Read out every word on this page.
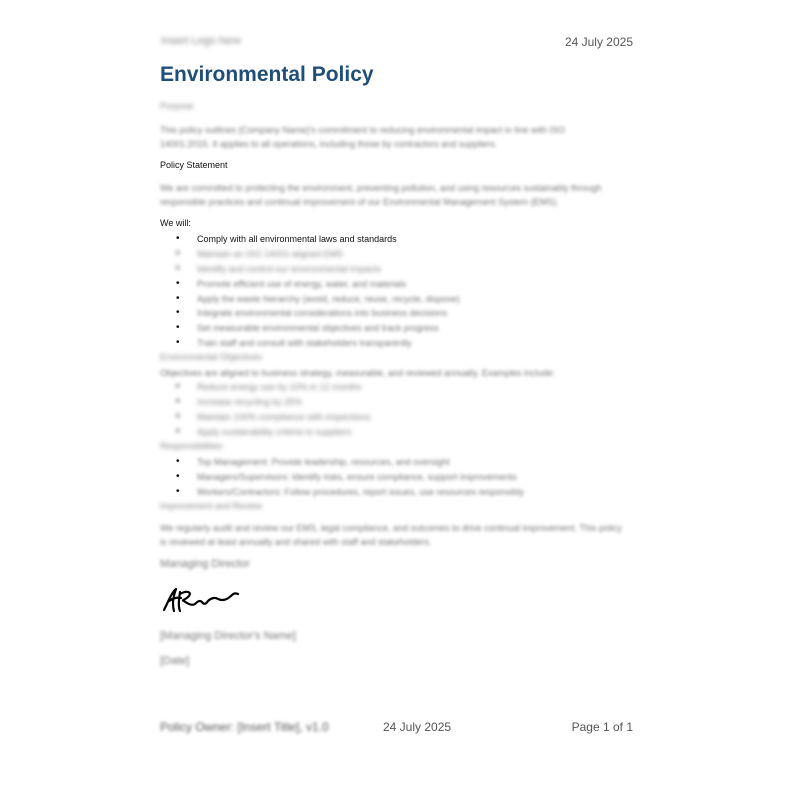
Insert Logo here	24 July 2025
Environmental Policy
Purpose
This policy outlines {Company Name}'s commitment to reducing environmental impact in line with ISO
14001:2015. It applies to all operations, including those by contractors and suppliers.
Policy Statement
We are committed to protecting the environment, preventing pollution, and using resources sustainably through
responsible practices and continual improvement of our Environmental Management System (EMS).
We will:
• Comply with all environmental laws and standards
• Maintain an ISO 14001-aligned EMS
• Identify and control our environmental impacts
• Promote efficient use of energy, water, and materials
• Apply the waste hierarchy (avoid, reduce, reuse, recycle, dispose)
• Integrate environmental considerations into business decisions
• Set measurable environmental objectives and track progress
• Train staff and consult with stakeholders transparently
Environmental Objectives
Objectives are aligned to business strategy, measurable, and reviewed annually. Examples include:
• Reduce energy use by 10% in 12 months
• Increase recycling by 25%
• Maintain 100% compliance with inspections
• Apply sustainability criteria to suppliers
Responsibilities
• Top Management: Provide leadership, resources, and oversight
• Managers/Supervisors: Identify risks, ensure compliance, support improvements
• Workers/Contractors: Follow procedures, report issues, use resources responsibly
Improvement and Review
We regularly audit and review our EMS, legal compliance, and outcomes to drive continual improvement. This policy
is reviewed at least annually and shared with staff and stakeholders.
Managing Director
[Managing Director's Name]
[Date]
Policy Owner: [Insert Title], v1.0	24 July 2025	Page 1 of 1
